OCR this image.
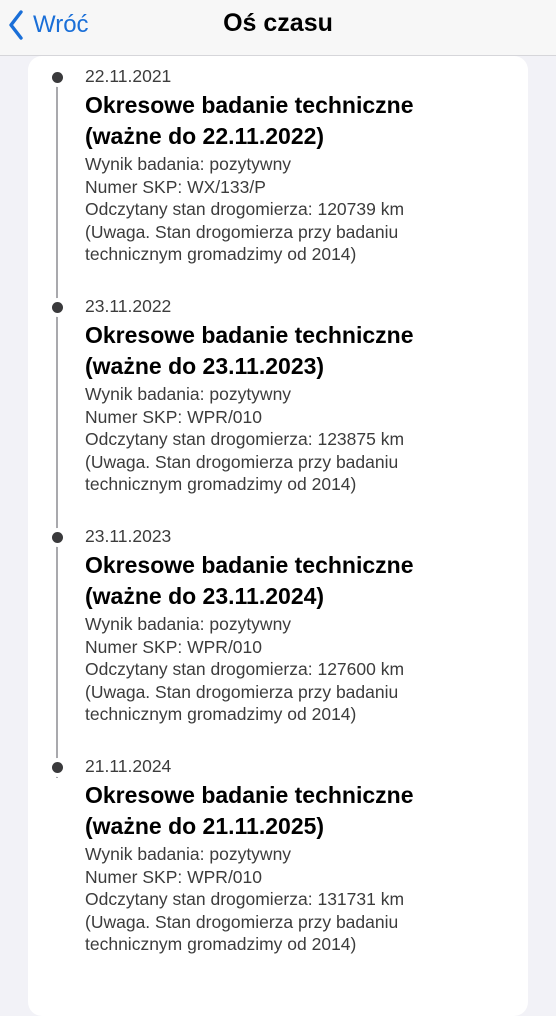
Wróć	Oś czasu
22.11.2021
Okresowe badanie techniczne
(ważne do 22.11.2022)
Wynik badania: pozytywny
Numer SKP: WX/133/P
Odczytany stan drogomierza: 120739 km
(Uwaga. Stan drogomierza przy badaniu
technicznym gromadzimy od 2014)
23.11.2022
Okresowe badanie techniczne
(ważne do 23.11.2023)
Wynik badania: pozytywny
Numer SKP: WPR/010
Odczytany stan drogomierza: 123875 km
(Uwaga. Stan drogomierza przy badaniu
technicznym gromadzimy od 2014)
23.11.2023
Okresowe badanie techniczne
(ważne do 23.11.2024)
Wynik badania: pozytywny
Numer SKP: WPR/010
Odczytany stan drogomierza: 127600 km
(Uwaga. Stan drogomierza przy badaniu
technicznym gromadzimy od 2014)
21.11.2024
Okresowe badanie techniczne
(ważne do 21.11.2025)
Wynik badania: pozytywny
Numer SKP: WPR/010
Odczytany stan drogomierza: 131731 km
(Uwaga. Stan drogomierza przy badaniu
technicznym gromadzimy od 2014)
